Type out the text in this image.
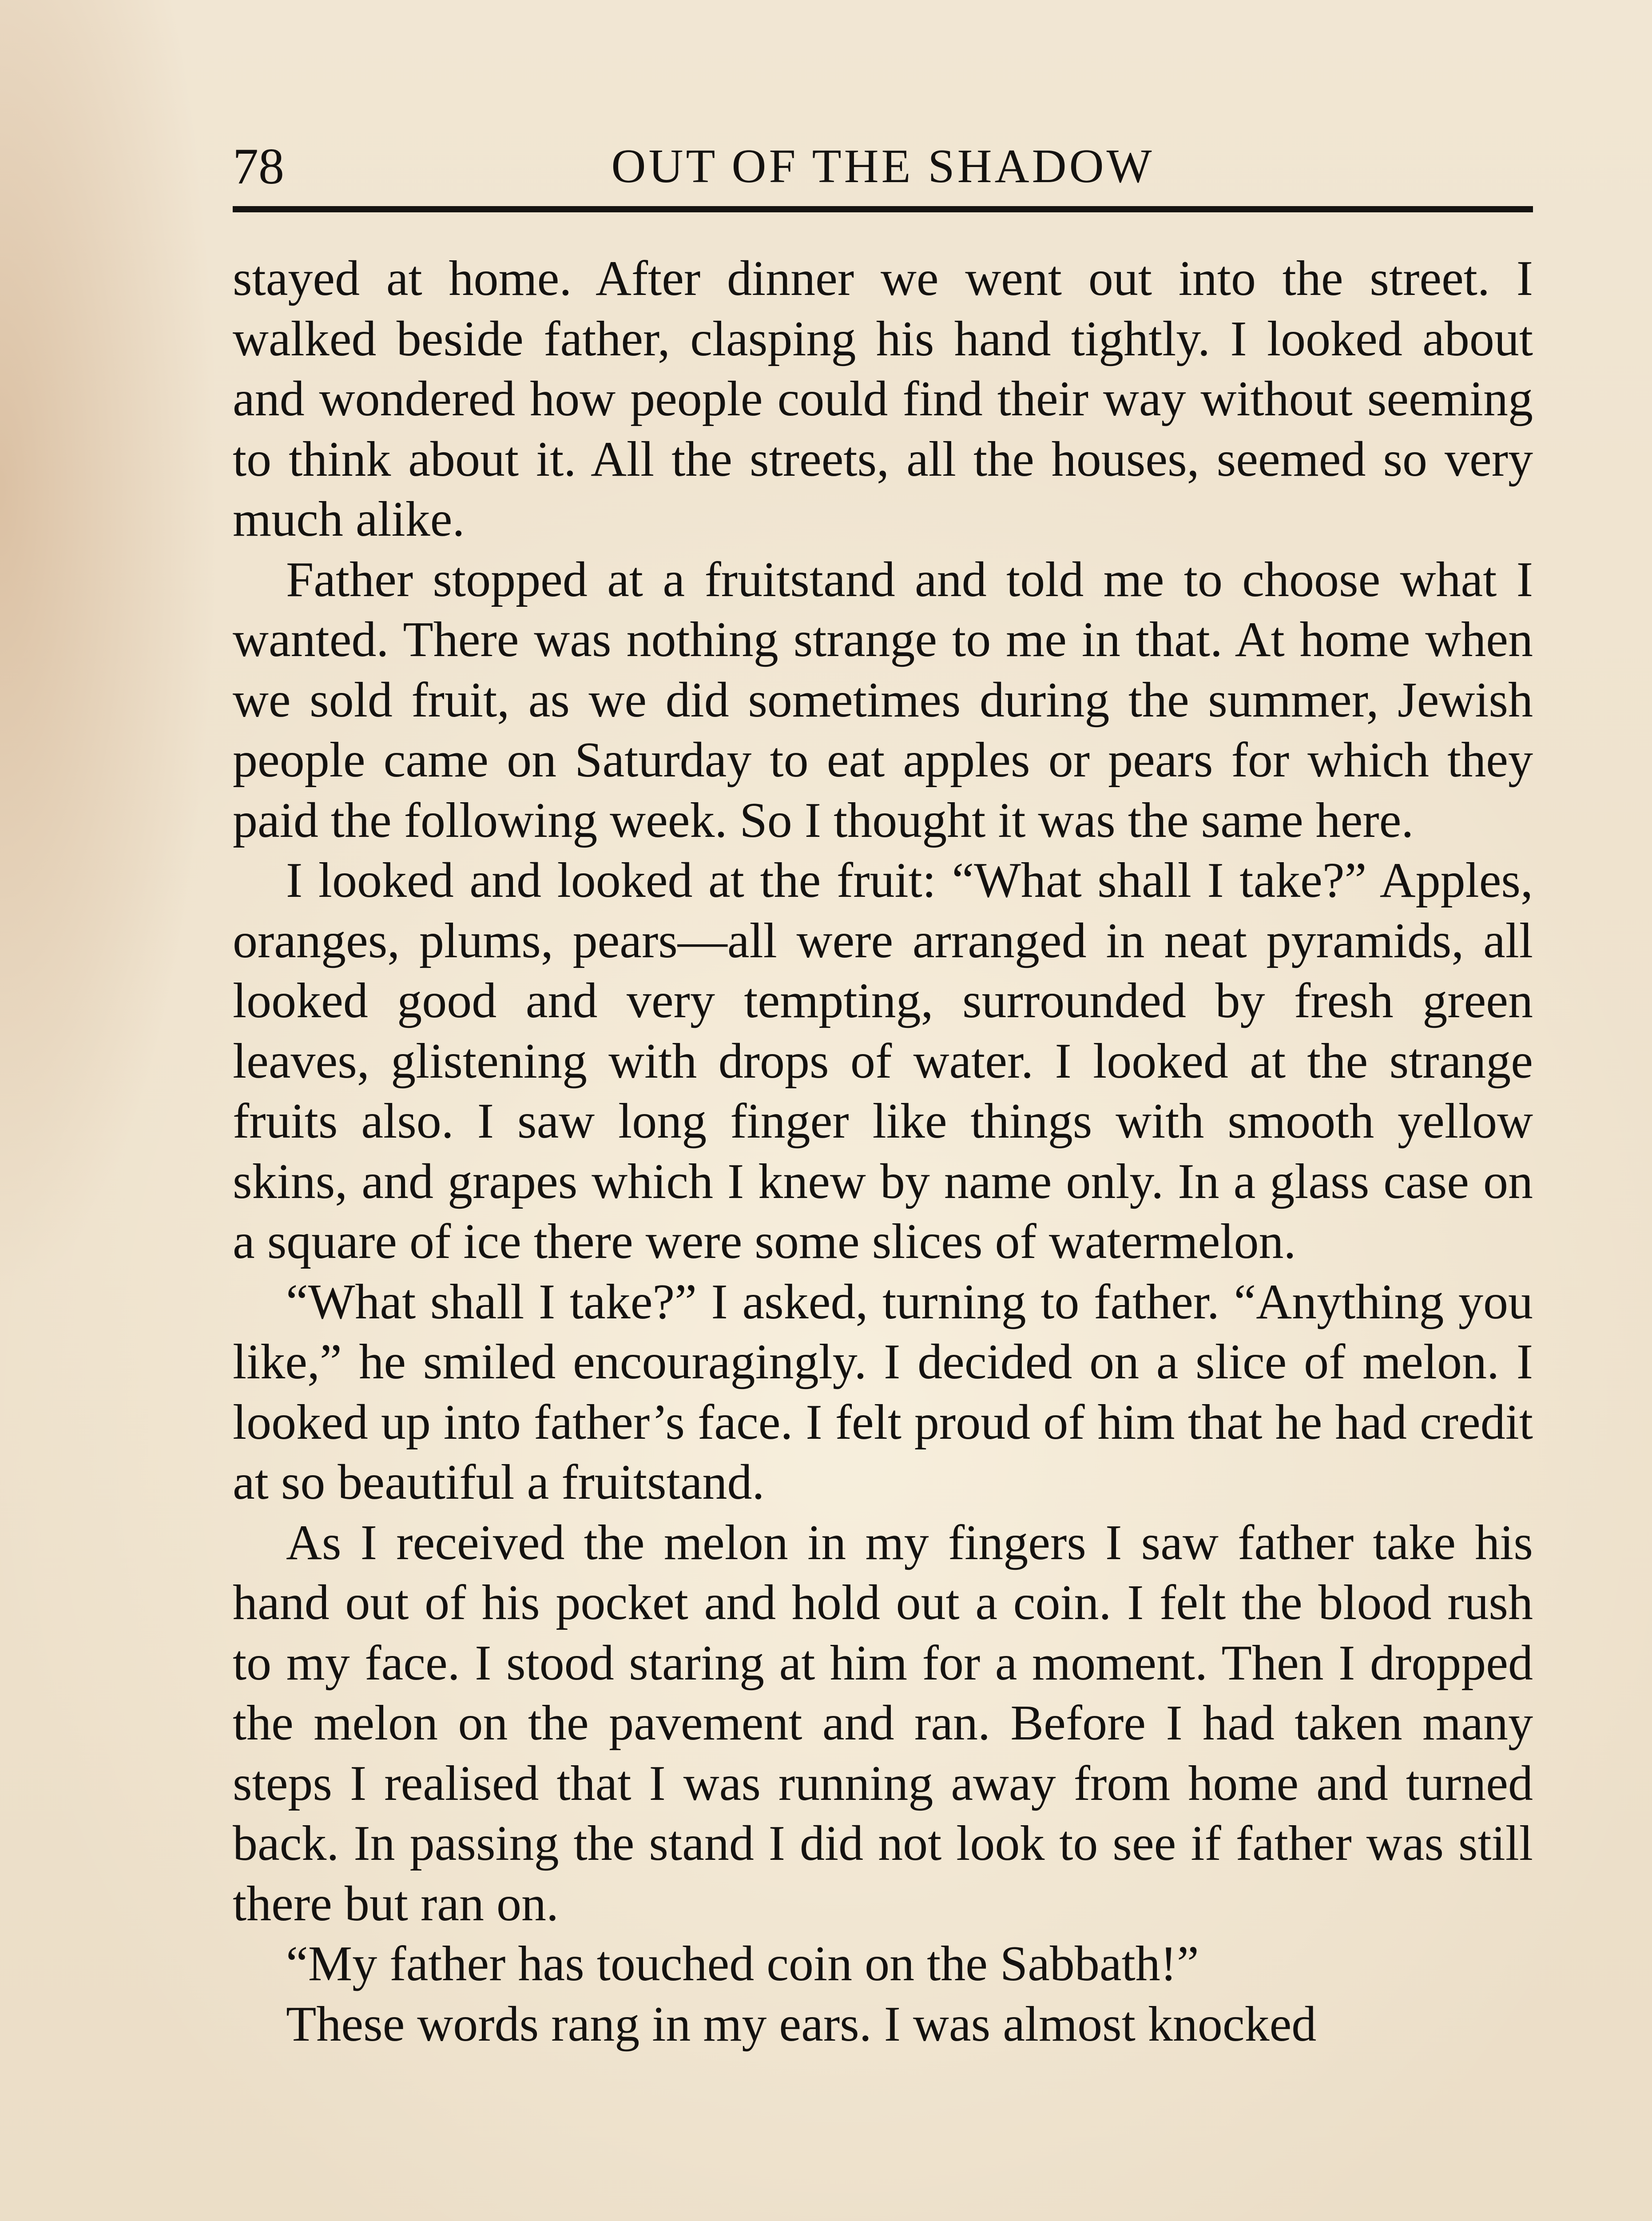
78	OUT OF THE SHADOW

stayed at home. After dinner we went out into the street. I walked beside father, clasping his hand tightly. I looked about and wondered how people could find their way without seeming to think about it. All the streets, all the houses, seemed so very much alike.

Father stopped at a fruitstand and told me to choose what I wanted. There was nothing strange to me in that. At home when we sold fruit, as we did sometimes during the summer, Jewish people came on Saturday to eat apples or pears for which they paid the following week. So I thought it was the same here.

I looked and looked at the fruit: “What shall I take?” Apples, oranges, plums, pears—all were arranged in neat pyramids, all looked good and very tempting, surrounded by fresh green leaves, glistening with drops of water. I looked at the strange fruits also. I saw long finger like things with smooth yellow skins, and grapes which I knew by name only. In a glass case on a square of ice there were some slices of watermelon.

“What shall I take?” I asked, turning to father. “Anything you like,” he smiled encouragingly. I decided on a slice of melon. I looked up into father’s face. I felt proud of him that he had credit at so beautiful a fruitstand.

As I received the melon in my fingers I saw father take his hand out of his pocket and hold out a coin. I felt the blood rush to my face. I stood staring at him for a moment. Then I dropped the melon on the pavement and ran. Before I had taken many steps I realised that I was running away from home and turned back. In passing the stand I did not look to see if father was still there but ran on.

“My father has touched coin on the Sabbath!”

These words rang in my ears. I was almost knocked
